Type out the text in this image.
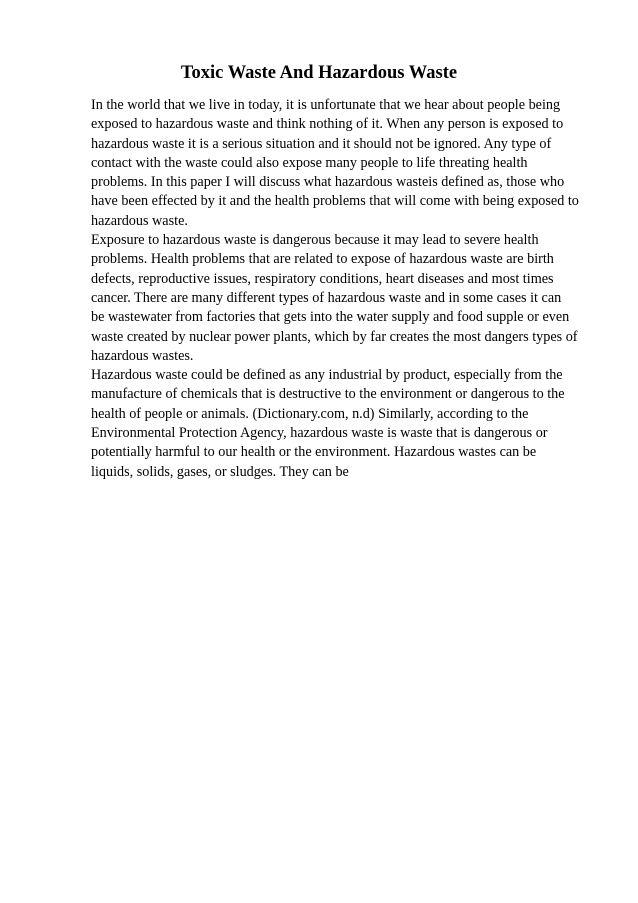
Toxic Waste And Hazardous Waste
In the world that we live in today, it is unfortunate that we hear about people being
exposed to hazardous waste and think nothing of it. When any person is exposed to
hazardous waste it is a serious situation and it should not be ignored. Any type of
contact with the waste could also expose many people to life threating health
problems. In this paper I will discuss what hazardous wasteis defined as, those who
have been effected by it and the health problems that will come with being exposed to
hazardous waste.
Exposure to hazardous waste is dangerous because it may lead to severe health
problems. Health problems that are related to expose of hazardous waste are birth
defects, reproductive issues, respiratory conditions, heart diseases and most times
cancer. There are many different types of hazardous waste and in some cases it can
be wastewater from factories that gets into the water supply and food supple or even
waste created by nuclear power plants, which by far creates the most dangers types of
hazardous wastes.
Hazardous waste could be defined as any industrial by product, especially from the
manufacture of chemicals that is destructive to the environment or dangerous to the
health of people or animals. (Dictionary.com, n.d) Similarly, according to the
Environmental Protection Agency, hazardous waste is waste that is dangerous or
potentially harmful to our health or the environment. Hazardous wastes can be
liquids, solids, gases, or sludges. They can be
